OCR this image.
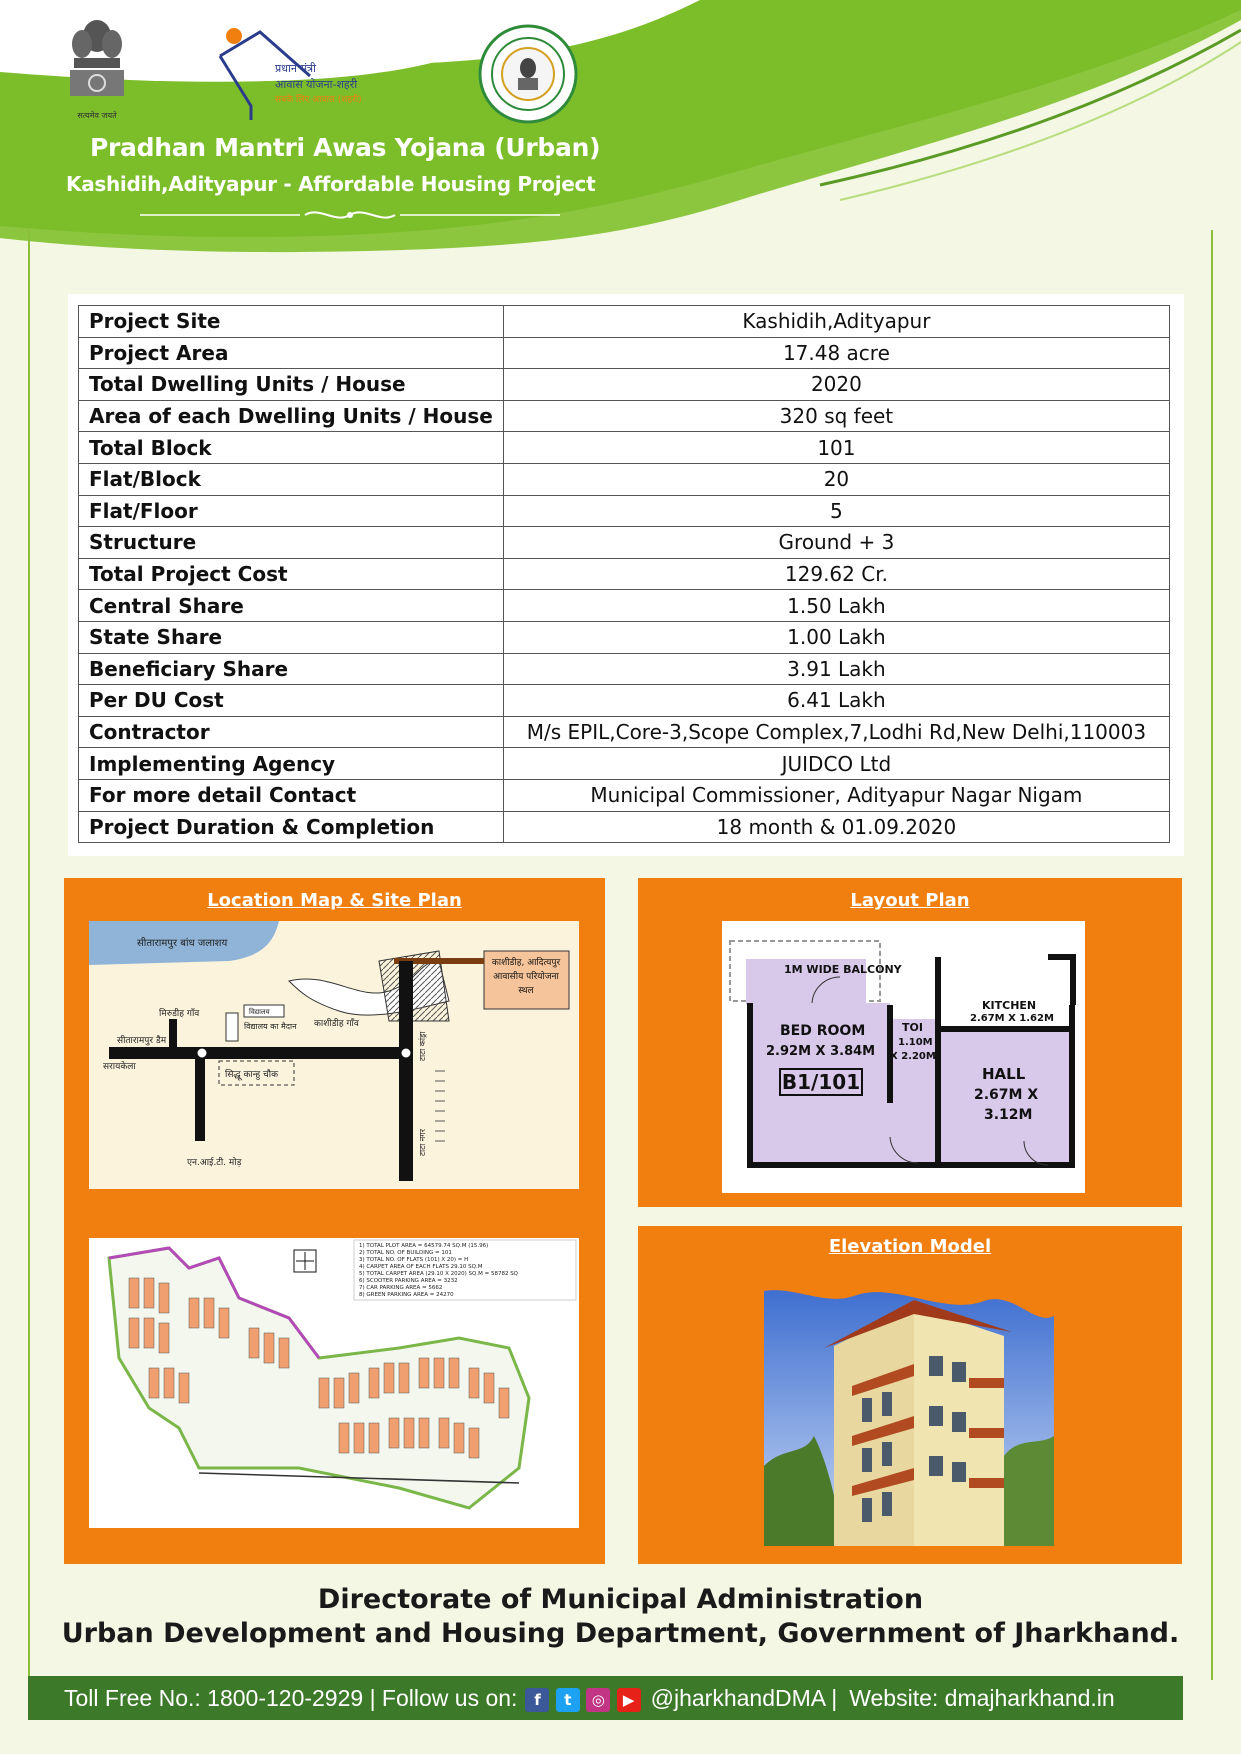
सत्यमेव जयते
प्रधान मंत्री
आवास योजना-शहरी
सबके लिए आवास (शहरी)
Pradhan Mantri Awas Yojana (Urban)
Kashidih,Adityapur - Affordable Housing Project
Project Site	Kashidih,Adityapur
Project Area	17.48 acre
Total Dwelling Units / House	2020
Area of each Dwelling Units / House	320 sq feet
Total Block	101
Flat/Block	20
Flat/Floor	5
Structure	Ground + 3
Total Project Cost	129.62 Cr.
Central Share	1.50 Lakh
State Share	1.00 Lakh
Beneficiary Share	3.91 Lakh
Per DU Cost	6.41 Lakh
Contractor	M/s EPIL,Core-3,Scope Complex,7,Lodhi Rd,New Delhi,110003
Implementing Agency	JUIDCO Ltd
For more detail Contact	Municipal Commissioner, Adityapur Nagar Nigam
Project Duration & Completion	18 month & 01.09.2020
Location Map & Site Plan
सीतारामपुर बांध जलाशय
काशीडीह, आदित्यपुर
आवासीय परियोजना
स्थल
मिरुडीह गाँव
काशीडीह गाँव
विद्यालय
विद्यालय का मैदान
सीतारामपुर डैम
सरायकेला
सिद्धू कान्हु चौक
एन.आई.टी. मोड़
टाटा कांड्रा
टाटा नगर
1) TOTAL PLOT AREA = 64579.74 SQ.M (15.96)
2) TOTAL NO. OF BUILDING = 101
3) TOTAL NO. OF FLATS (101) X 20) = H
4) CARPET AREA OF EACH FLATS 29.10 SQ.M
5) TOTAL CARPET AREA (29.10 X 2020) SQ.M = 58782 SQ
6) SCOOTER PARKING AREA = 3232
7) CAR PARKING AREA = 5662
8) GREEN PARKING AREA = 24270
Layout Plan
1M WIDE BALCONY
BED ROOM
2.92M X 3.84M
B1/101
TOI
1.10M
X 2.20M
KITCHEN
2.67M X 1.62M
HALL
2.67M X
3.12M
Elevation Model
Directorate of Municipal Administration
Urban Development and Housing Department, Government of Jharkhand.
Toll Free No.: 1800-120-2929 | Follow us on:	f t ◎ ▶ @jharkhandDMA | Website: dmajharkhand.in
